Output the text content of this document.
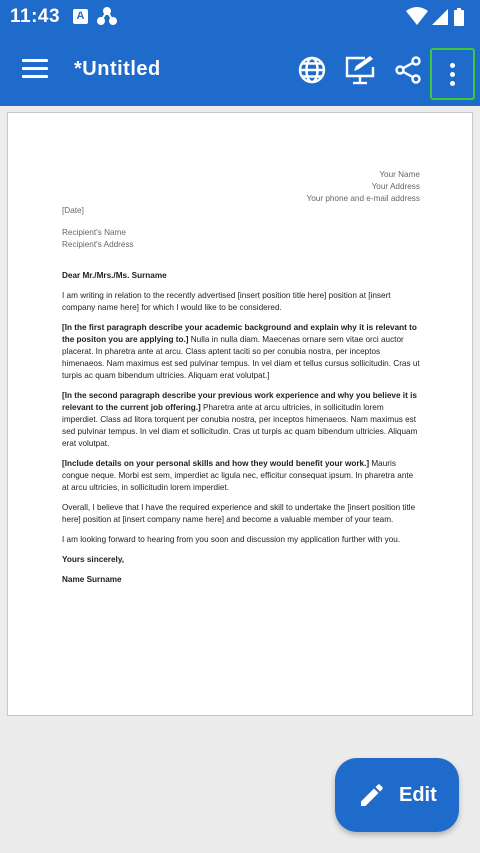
11:43	A
*Untitled
Your Name
Your Address
Your phone and e-mail address
[Date]
Recipient's Name
Recipient's Address
Dear Mr./Mrs./Ms. Surname

I am writing in relation to the recently advertised [insert position title here] position at [insert company name here] for which I would like to be considered.

[In the first paragraph describe your academic background and explain why it is relevant to the positon you are applying to.] Nulla in nulla diam. Maecenas ornare sem vitae orci auctor placerat. In pharetra ante at arcu. Class aptent taciti so per conubia nostra, per inceptos himenaeos. Nam maximus est sed pulvinar tempus. In vel diam et tellus cursus sollicitudin. Cras ut turpis ac quam bibendum ultricies. Aliquam erat volutpat.]

[In the second paragraph describe your previous work experience and why you believe it is relevant to the current job offering.] Pharetra ante at arcu ultricies, in sollicitudin lorem imperdiet. Class ad litora torquent per conubia nostra, per inceptos himenaeos. Nam maximus est sed pulvinar tempus. In vel diam et sollicitudin. Cras ut turpis ac quam bibendum ultricies. Aliquam erat volutpat.

[Include details on your personal skills and how they would benefit your work.] Mauris congue neque. Morbi est sem, imperdiet ac ligula nec, efficitur consequat ipsum. In pharetra ante at arcu ultricies, in sollicitudin lorem imperdiet.

Overall, I believe that I have the required experience and skill to undertake the [insert position title here] position at [insert company name here] and become a valuable member of your team.

I am looking forward to hearing from you soon and discussion my application further with you.

Yours sincerely,
Name Surname
Edit
